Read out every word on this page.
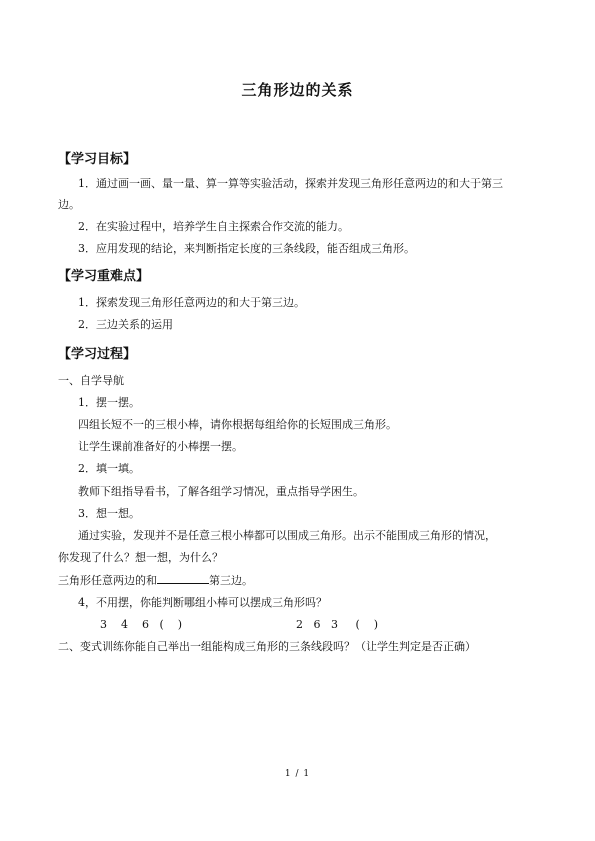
三角形边的关系
【学习目标】
1．通过画一画、量一量、算一算等实验活动，探索并发现三角形任意两边的和大于第三
边。
2．在实验过程中，培养学生自主探索合作交流的能力。
3．应用发现的结论，来判断指定长度的三条线段，能否组成三角形。
【学习重难点】
1．探索发现三角形任意两边的和大于第三边。
2．三边关系的运用
【学习过程】
一、自学导航
1．摆一摆。
四组长短不一的三根小棒，请你根据每组给你的长短围成三角形。
让学生课前准备好的小棒摆一摆。
2．填一填。
教师下组指导看书，了解各组学习情况，重点指导学困生。
3．想一想。
通过实验，发现并不是任意三根小棒都可以围成三角形。出示不能围成三角形的情况，
你发现了什么？想一想，为什么？
三角形任意两边的和	第三边。
4，不用摆，你能判断哪组小棒可以摆成三角形吗？
3    4    6   (    )	2   6   3     (    )
二、变式训练你能自己举出一组能构成三角形的三条线段吗？（让学生判定是否正确）
1 / 1
